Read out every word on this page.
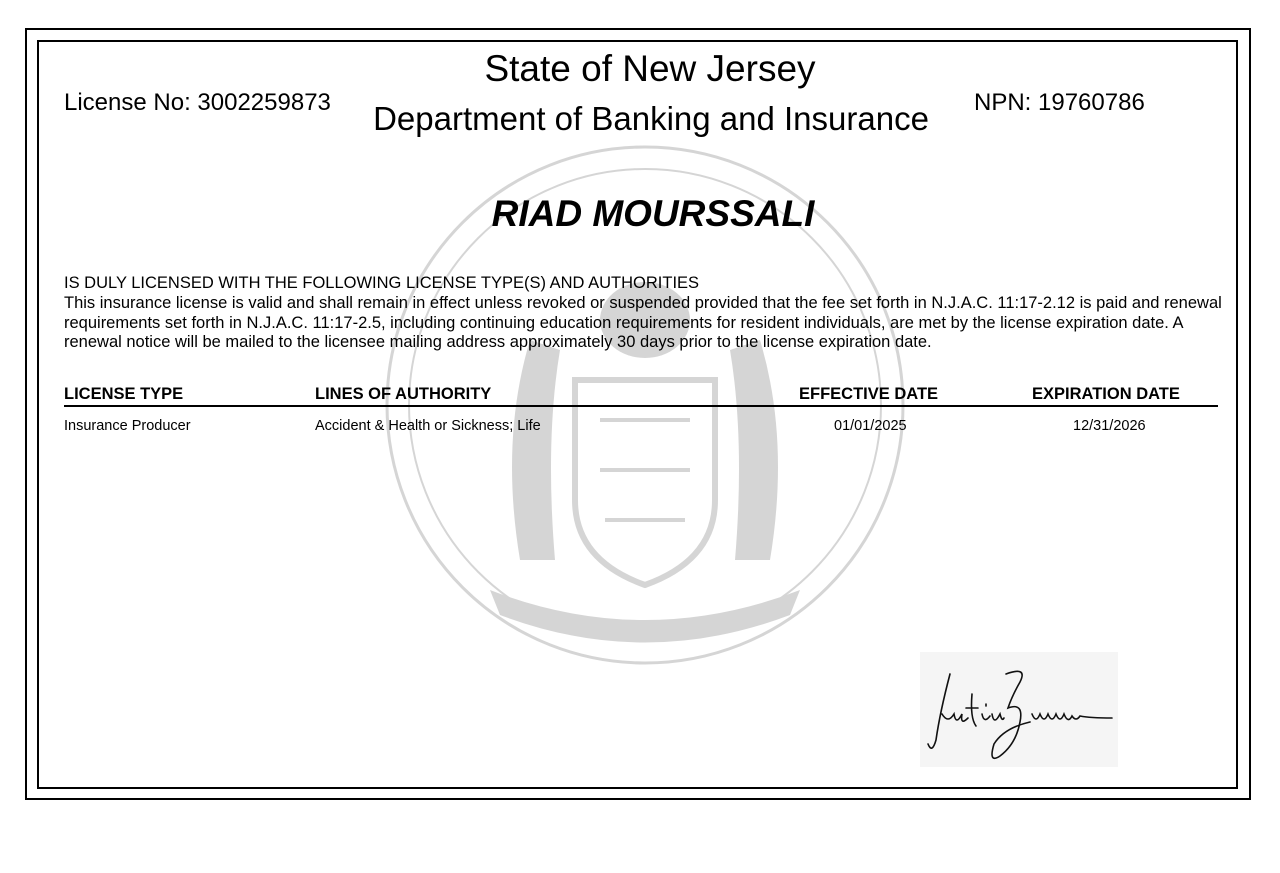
License No: 3002259873	NPN: 19760786
State of New Jersey
Department of Banking and Insurance
RIAD MOURSSALI
IS DULY LICENSED WITH THE FOLLOWING LICENSE TYPE(S) AND AUTHORITIES
This insurance license is valid and shall remain in effect unless revoked or suspended provided that the fee set forth in N.J.A.C. 11:17-2.12 is paid and renewal requirements set forth in N.J.A.C. 11:17-2.5, including continuing education requirements for resident individuals, are met by the license expiration date. A renewal notice will be mailed to the licensee mailing address approximately 30 days prior to the license expiration date.
LICENSE TYPE	LINES OF AUTHORITY	EFFECTIVE DATE	EXPIRATION DATE
Insurance Producer	Accident & Health or Sickness; Life	01/01/2025	12/31/2026
